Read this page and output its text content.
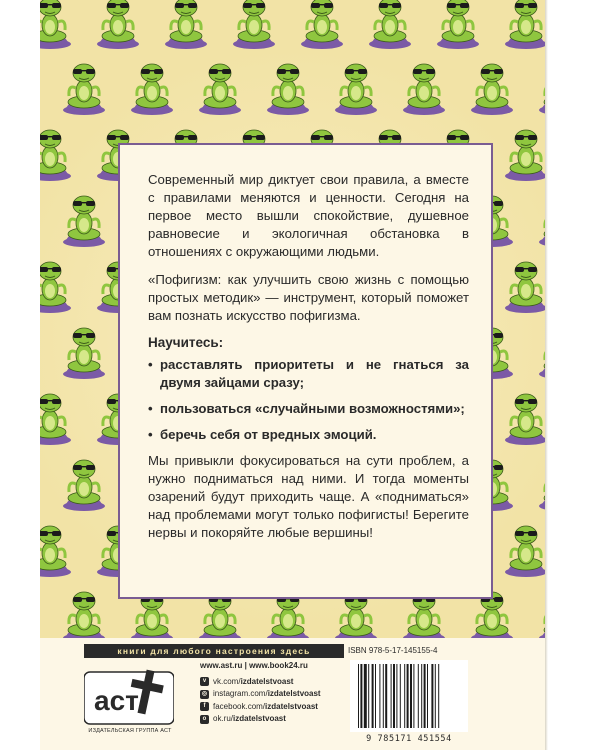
Современный мир диктует свои правила, а вместе с правилами меняются и ценности. Сегодня на первое место вышли спокойствие, душевное равновесие и экологичная обстановка в отношениях с окружающими людьми.

«Пофигизм: как улучшить свою жизнь с помощью простых методик» — инструмент, который поможет вам познать искусство пофигизма.

Научитесь:

• расставлять приоритеты и не гнаться за двумя зайцами сразу;

• пользоваться «случайными возможностями»;

• беречь себя от вредных эмоций.

Мы привыкли фокусироваться на сути проблем, а нужно подниматься над ними. И тогда моменты озарений будут приходить чаще. А «подниматься» над проблемами могут только пофигисты! Берегите нервы и покоряйте любые вершины!

книги для любого настроения здесь	ISBN 978-5-17-145155-4
аст
ИЗДАТЕЛЬСКАЯ ГРУППА АСТ
www.ast.ru | www.book24.ru
v vk.com/ izdatelstvoast
◎ instagram.com/ izdatelstvoast
f facebook.com/ izdatelstvoast
o ok.ru/ izdatelstvoast
9 785171 451554
